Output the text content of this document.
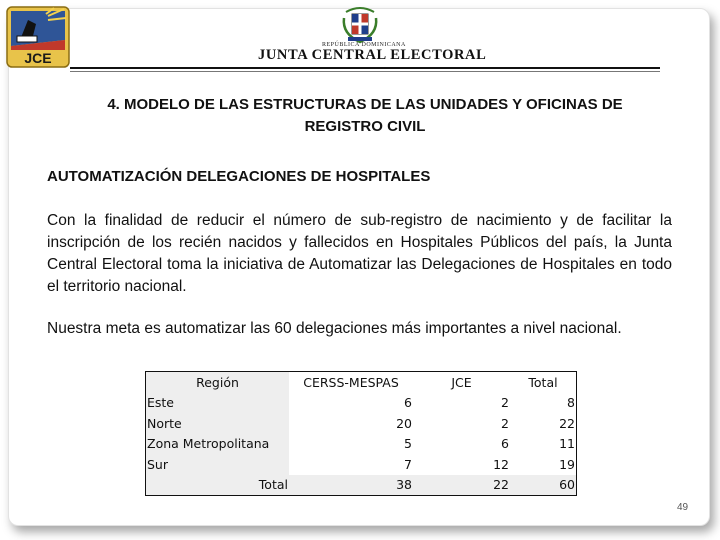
JCE
REPÚBLICA DOMINICANA
JUNTA CENTRAL ELECTORAL
4. MODELO DE LAS ESTRUCTURAS DE LAS UNIDADES Y OFICINAS DE
REGISTRO CIVIL
AUTOMATIZACIÓN DELEGACIONES DE HOSPITALES
Con la finalidad de reducir el número de sub-registro de nacimiento y de facilitar la inscripción de los recién nacidos y fallecidos en Hospitales Públicos del país, la Junta Central Electoral toma la iniciativa de Automatizar las Delegaciones de Hospitales en todo el territorio nacional.
Nuestra meta es automatizar las 60 delegaciones más importantes a nivel nacional.
Región	CERSS-MESPAS	JCE	Total
Este	6	2	8
Norte	20	2	22
Zona Metropolitana	5	6	11
Sur	7	12	19
Total	38	22	60
49
